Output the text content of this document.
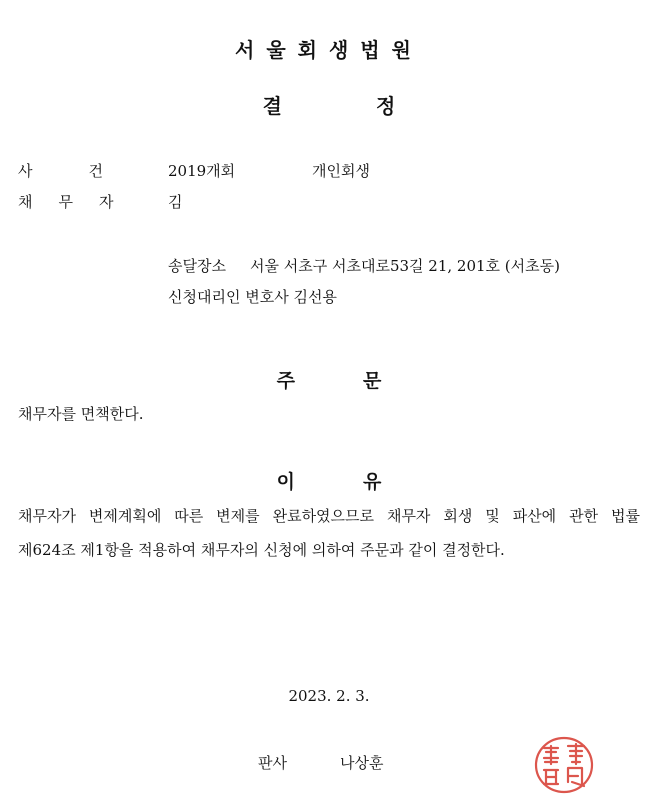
서울회생법원
결정
사건 2019개회	개인회생
채무자 김
송달장소 서울 서초구 서초대로53길 21, 201호 (서초동)
신청대리인 변호사 김선용
주문
채무자를 면책한다.
이유
채무자가 변제계획에 따른 변제를 완료하였으므로 채무자 회생 및 파산에 관한 법률
제624조 제1항을 적용하여 채무자의 신청에 의하여 주문과 같이 결정한다.
2023. 2. 3.
판사	나상훈
